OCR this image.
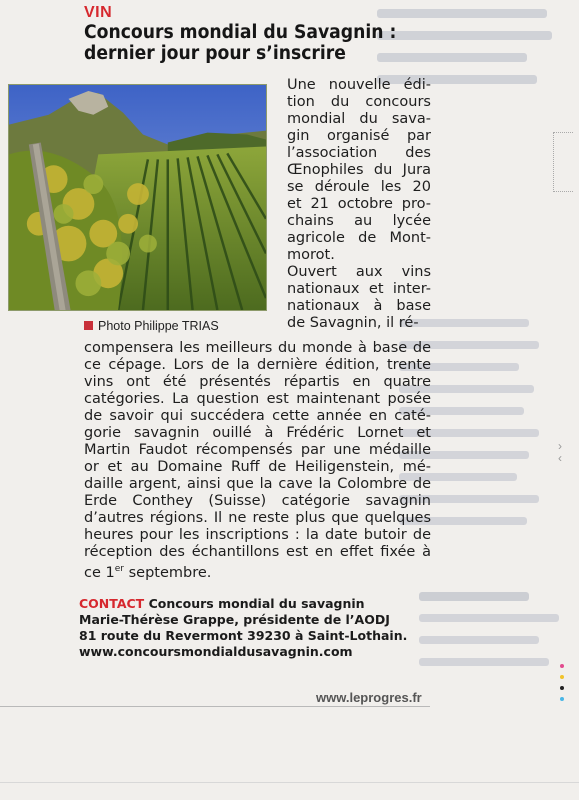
›
‹
VIN
Concours mondial du Savagnin :
dernier jour pour s’inscrire
Photo Philippe TRIAS
Une nouvelle édi-
tion du concours
mondial du sava-
gin organisé par
l’association des
Œnophiles du Jura
se déroule les 20
et 21 octobre pro-
chains au lycée
agricole de Mont-
morot.
Ouvert aux vins
nationaux et inter-
nationaux à base
de Savagnin, il ré-
compensera les meilleurs du monde à base de
ce cépage. Lors de la dernière édition, trente
vins ont été présentés répartis en quatre
catégories. La question est maintenant posée
de savoir qui succédera cette année en caté-
gorie savagnin ouillé à Frédéric Lornet et
Martin Faudot récompensés par une médaille
or et au Domaine Ruff de Heiligenstein, mé-
daille argent, ainsi que la cave la Colombre de
Erde Conthey (Suisse) catégorie savagnin
d’autres régions. Il ne reste plus que quelques
heures pour les inscriptions : la date butoir de
réception des échantillons est en effet fixée à
ce 1er septembre.
CONTACT Concours mondial du savagnin
Marie-Thérèse Grappe, présidente de l’AODJ
81 route du Revermont 39230 à Saint-Lothain.
www.concoursmondialdusavagnin.com
www.leprogres.fr
